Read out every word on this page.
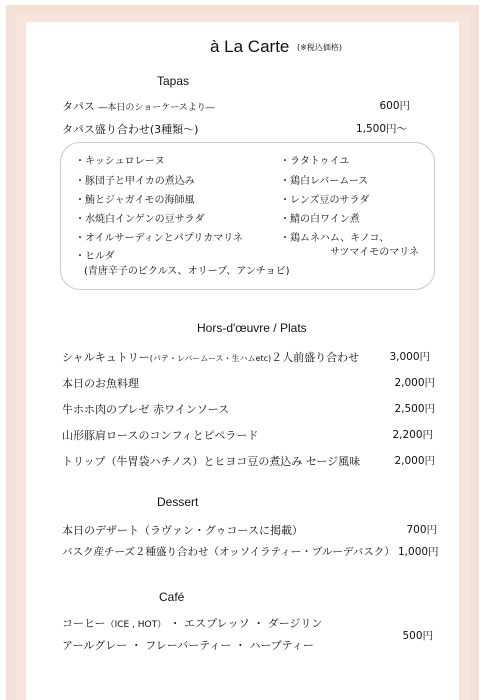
à La Carte (※税込価格)
Tapas
タパス ―本日のショーケースより―	600円
タパス盛り合わせ(3種類〜)	1,500円〜
・キッシュロレーヌ
・豚団子と甲イカの煮込み
・鮪とジャガイモの海師風
・水焼白インゲンの豆サラダ
・オイルサーディンとパプリカマリネ
・ヒルダ
(青唐辛子のピクルス、オリーブ、アンチョビ)
・ラタトゥイユ
・鶏白レバームース
・レンズ豆のサラダ
・鯖の白ワイン煮
・鶏ムネハム、キノコ、
サツマイモのマリネ
Hors-d'œuvre / Plats
シャルキュトリー(パテ・レバームース・生ハムetc)２人前盛り合わせ	3,000円
本日のお魚料理	2,000円
牛ホホ肉のブレゼ 赤ワインソース	2,500円
山形豚肩ロースのコンフィとピペラード	2,200円
トリップ（牛胃袋ハチノス）とヒヨコ豆の煮込み セージ風味	2,000円
Dessert
本日のデザート（ラヴァン・グゥコースに掲載）	700円
バスク産チーズ２種盛り合わせ（オッソイラティー・ブルーデバスク） 1,000円
Café
コーヒー（ICE , HOT） ・ エスプレッソ ・ ダージリン
アールグレー ・ フレーバーティー ・ ハーブティー
500円
